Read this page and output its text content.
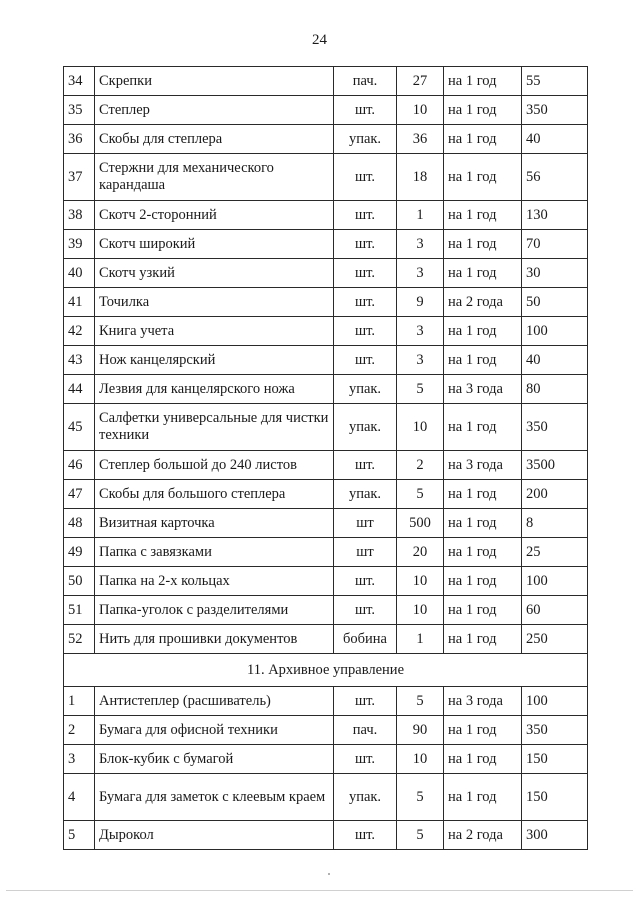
24
34	Скрепки	пач.	27	на 1 год	55
35	Степлер	шт.	10	на 1 год	350
36	Скобы для степлера	упак.	36	на 1 год	40
37	Стержни для механического карандаша	шт.	18	на 1 год	56
38	Скотч 2-сторонний	шт.	1	на 1 год	130
39	Скотч широкий	шт.	3	на 1 год	70
40	Скотч узкий	шт.	3	на 1 год	30
41	Точилка	шт.	9	на 2 года	50
42	Книга учета	шт.	3	на 1 год	100
43	Нож канцелярский	шт.	3	на 1 год	40
44	Лезвия для канцелярского ножа	упак.	5	на 3 года	80
45	Салфетки универсальные для чистки техники	упак.	10	на 1 год	350
46	Степлер большой до 240 листов	шт.	2	на 3 года	3500
47	Скобы для большого степлера	упак.	5	на 1 год	200
48	Визитная карточка	шт	500	на 1 год	8
49	Папка с завязками	шт	20	на 1 год	25
50	Папка на 2-х кольцах	шт.	10	на 1 год	100
51	Папка-уголок с разделителями	шт.	10	на 1 год	60
52	Нить для прошивки документов	бобина	1	на 1 год	250
11. Архивное управление					
1	Антистеплер (расшиватель)	шт.	5	на 3 года	100
2	Бумага для офисной техники	пач.	90	на 1 год	350
3	Блок-кубик с бумагой	шт.	10	на 1 год	150
4	Бумага для заметок с клеевым краем	упак.	5	на 1 год	150
5	Дырокол	шт.	5	на 2 года	300
